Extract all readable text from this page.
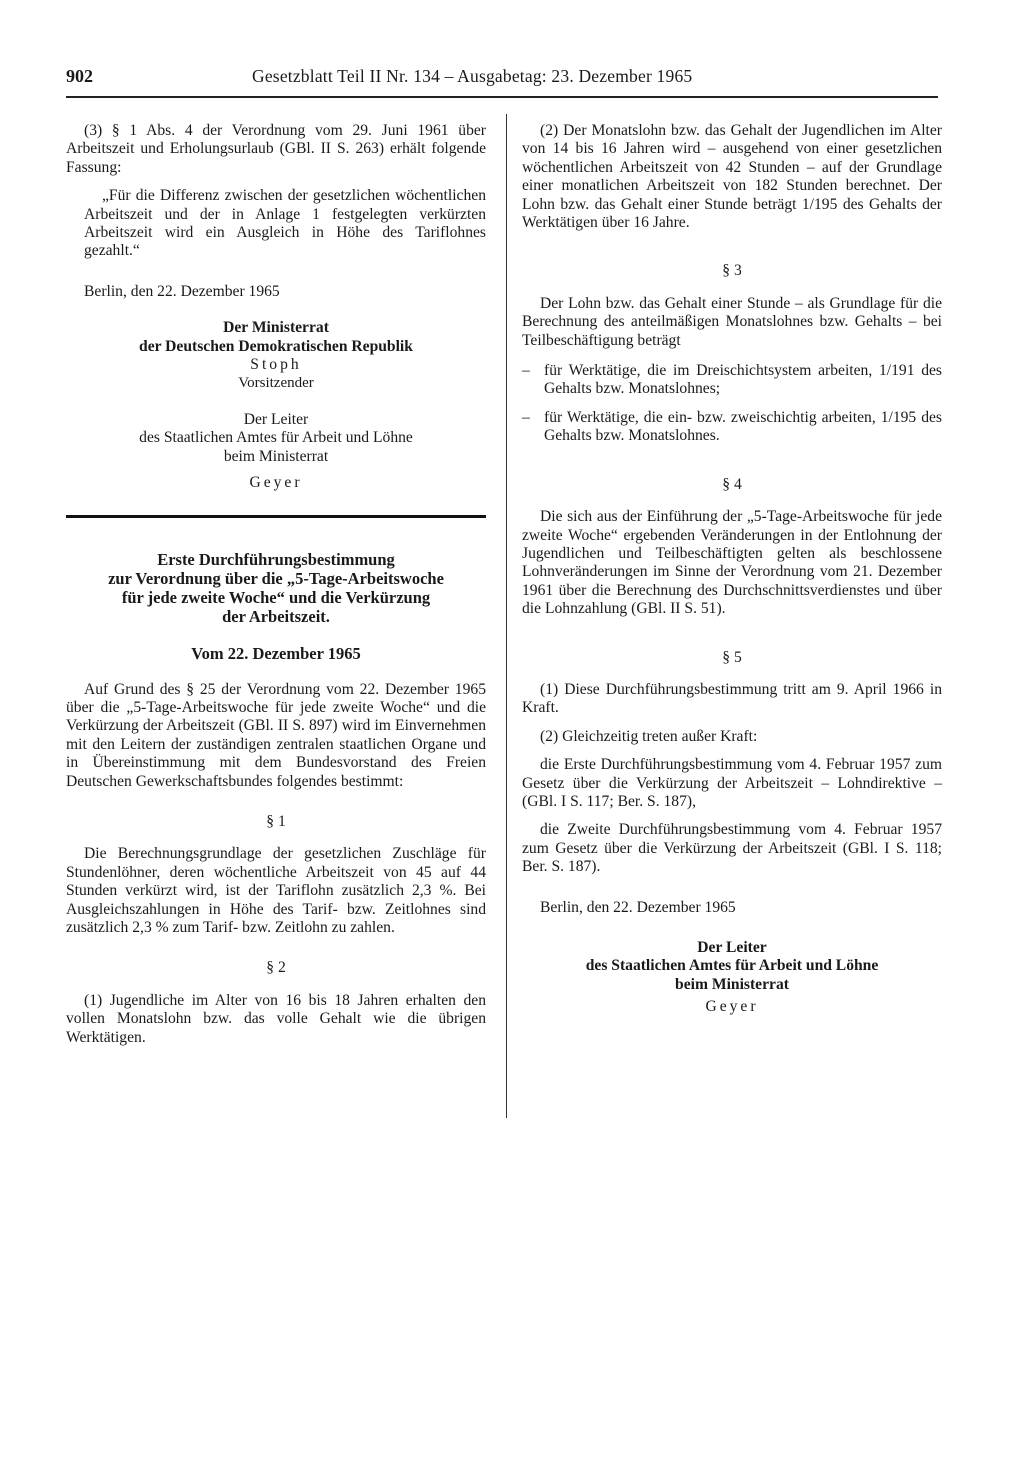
902	Gesetzblatt Teil II Nr. 134 – Ausgabetag: 23. Dezember 1965

(3) § 1 Abs. 4 der Verordnung vom 29. Juni 1961 über Arbeitszeit und Erholungsurlaub (GBl. II S. 263) erhält folgende Fassung:

„Für die Differenz zwischen der gesetzlichen wöchentlichen Arbeitszeit und der in Anlage 1 festgelegten verkürzten Arbeitszeit wird ein Ausgleich in Höhe des Tariflohnes gezahlt.“

Berlin, den 22. Dezember 1965

Der Ministerrat

der Deutschen Demokratischen Republik

Stoph

Vorsitzender

Der Leiter

des Staatlichen Amtes für Arbeit und Löhne

beim Ministerrat

Geyer

Erste Durchführungsbestimmung

zur Verordnung über die „5-Tage-Arbeitswoche

für jede zweite Woche“ und die Verkürzung

der Arbeitszeit.

Vom 22. Dezember 1965

Auf Grund des § 25 der Verordnung vom 22. Dezember 1965 über die „5-Tage-Arbeitswoche für jede zweite Woche“ und die Verkürzung der Arbeitszeit (GBl. II S. 897) wird im Einvernehmen mit den Leitern der zuständigen zentralen staatlichen Organe und in Übereinstimmung mit dem Bundesvorstand des Freien Deutschen Gewerkschaftsbundes folgendes bestimmt:

§ 1

Die Berechnungsgrundlage der gesetzlichen Zuschläge für Stundenlöhner, deren wöchentliche Arbeitszeit von 45 auf 44 Stunden verkürzt wird, ist der Tariflohn zusätzlich 2,3 %. Bei Ausgleichszahlungen in Höhe des Tarif- bzw. Zeitlohnes sind zusätzlich 2,3 % zum Tarif- bzw. Zeitlohn zu zahlen.

§ 2

(1) Jugendliche im Alter von 16 bis 18 Jahren erhalten den vollen Monatslohn bzw. das volle Gehalt wie die übrigen Werktätigen.

(2) Der Monatslohn bzw. das Gehalt der Jugendlichen im Alter von 14 bis 16 Jahren wird – ausgehend von einer gesetzlichen wöchentlichen Arbeitszeit von 42 Stunden – auf der Grundlage einer monatlichen Arbeitszeit von 182 Stunden berechnet. Der Lohn bzw. das Gehalt einer Stunde beträgt 1/195 des Gehalts der Werktätigen über 16 Jahre.

§ 3

Der Lohn bzw. das Gehalt einer Stunde – als Grundlage für die Berechnung des anteilmäßigen Monatslohnes bzw. Gehalts – bei Teilbeschäftigung beträgt

– für Werktätige, die im Dreischichtsystem arbeiten, 1/191 des Gehalts bzw. Monatslohnes;
– für Werktätige, die ein- bzw. zweischichtig arbeiten, 1/195 des Gehalts bzw. Monatslohnes.

§ 4

Die sich aus der Einführung der „5-Tage-Arbeitswoche für jede zweite Woche“ ergebenden Veränderungen in der Entlohnung der Jugendlichen und Teilbeschäftigten gelten als beschlossene Lohnveränderungen im Sinne der Verordnung vom 21. Dezember 1961 über die Berechnung des Durchschnittsverdienstes und über die Lohnzahlung (GBl. II S. 51).

§ 5

(1) Diese Durchführungsbestimmung tritt am 9. April 1966 in Kraft.

(2) Gleichzeitig treten außer Kraft:

die Erste Durchführungsbestimmung vom 4. Februar 1957 zum Gesetz über die Verkürzung der Arbeitszeit – Lohndirektive – (GBl. I S. 117; Ber. S. 187),

die Zweite Durchführungsbestimmung vom 4. Februar 1957 zum Gesetz über die Verkürzung der Arbeitszeit (GBl. I S. 118; Ber. S. 187).

Berlin, den 22. Dezember 1965

Der Leiter

des Staatlichen Amtes für Arbeit und Löhne

beim Ministerrat

Geyer
